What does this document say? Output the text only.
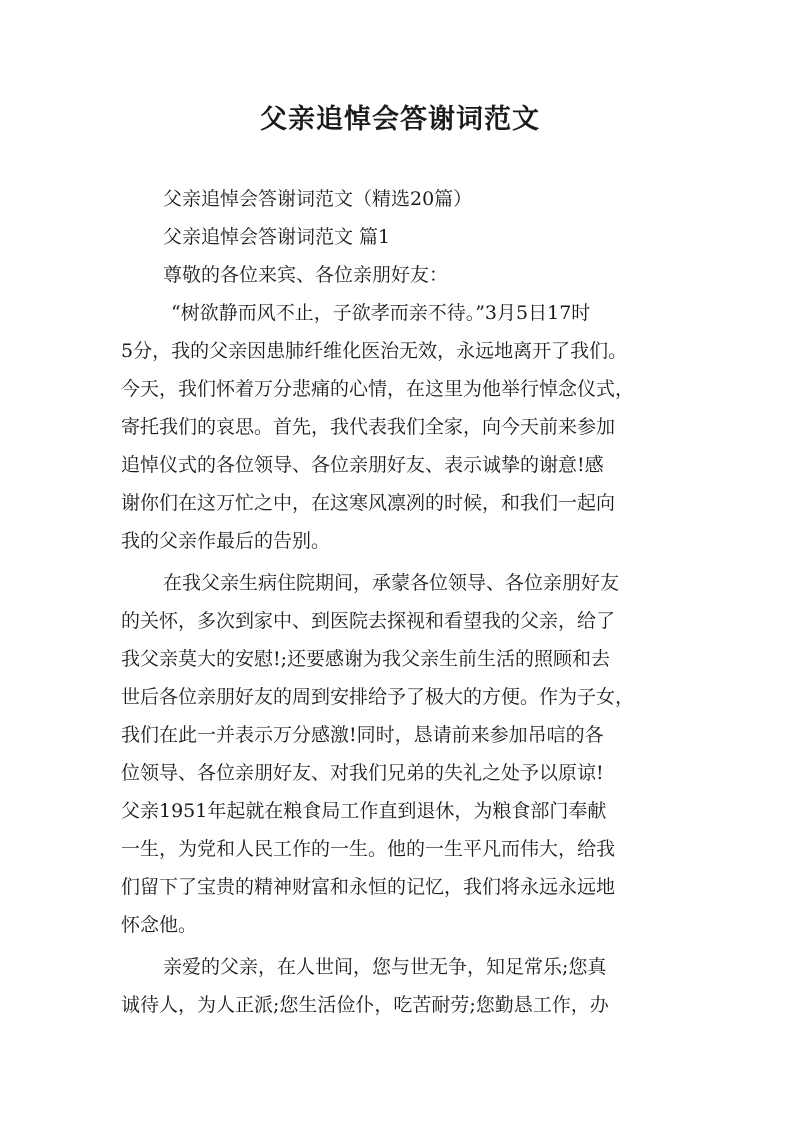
父亲追悼会答谢词范文
父亲追悼会答谢词范文（精选20篇）
父亲追悼会答谢词范文 篇1
尊敬的各位来宾、各位亲朋好友：
“树欲静而风不止，子欲孝而亲不待。”3月5日17时
5分，我的父亲因患肺纤维化医治无效，永远地离开了我们。
今天，我们怀着万分悲痛的心情，在这里为他举行悼念仪式，
寄托我们的哀思。首先，我代表我们全家，向今天前来参加
追悼仪式的各位领导、各位亲朋好友、表示诚挚的谢意!感
谢你们在这万忙之中，在这寒风凛冽的时候，和我们一起向
我的父亲作最后的告别。
在我父亲生病住院期间，承蒙各位领导、各位亲朋好友
的关怀，多次到家中、到医院去探视和看望我的父亲，给了
我父亲莫大的安慰!;还要感谢为我父亲生前生活的照顾和去
世后各位亲朋好友的周到安排给予了极大的方便。作为子女，
我们在此一并表示万分感激!同时，恳请前来参加吊唁的各
位领导、各位亲朋好友、对我们兄弟的失礼之处予以原谅!
父亲1951年起就在粮食局工作直到退休，为粮食部门奉献
一生，为党和人民工作的一生。他的一生平凡而伟大，给我
们留下了宝贵的精神财富和永恒的记忆，我们将永远永远地
怀念他。
亲爱的父亲，在人世间，您与世无争，知足常乐;您真
诚待人，为人正派;您生活俭仆，吃苦耐劳;您勤恳工作，办
